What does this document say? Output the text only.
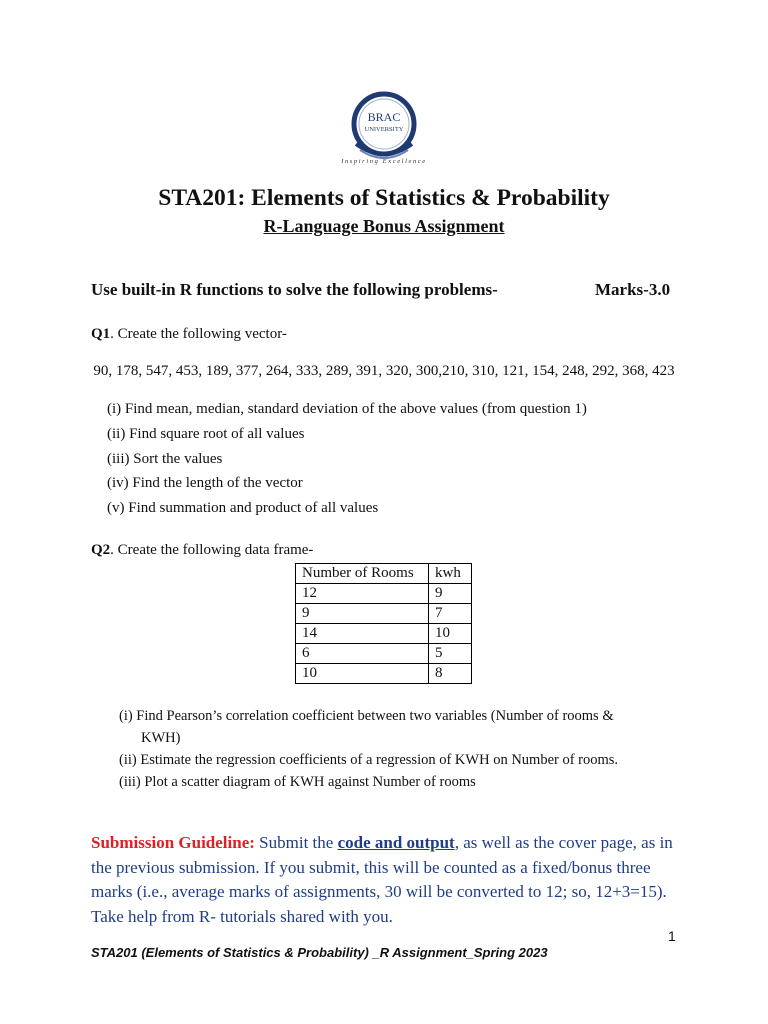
BRAC
UNIVERSITY
Inspiring Excellence
STA201: Elements of Statistics & Probability
R-Language Bonus Assignment
Use built-in R functions to solve the following problems-	Marks-3.0
Q1. Create the following vector-
90, 178, 547, 453, 189, 377, 264, 333, 289, 391, 320, 300,210, 310, 121, 154, 248, 292, 368, 423
(i) Find mean, median, standard deviation of the above values (from question 1)
(ii) Find square root of all values
(iii) Sort the values
(iv) Find the length of the vector
(v) Find summation and product of all values
Q2. Create the following data frame-
Number of Rooms	kwh
12	9
9	7
14	10
6	5
10	8
(i) Find Pearson’s correlation coefficient between two variables (Number of rooms &
KWH)
(ii) Estimate the regression coefficients of a regression of KWH on Number of rooms.
(iii) Plot a scatter diagram of KWH against Number of rooms
Submission Guideline: Submit the code and output, as well as the cover page, as in the previous submission. If you submit, this will be counted as a fixed/bonus three marks (i.e., average marks of assignments, 30 will be converted to 12; so, 12+3=15). Take help from R- tutorials shared with you.
1
STA201 (Elements of Statistics & Probability) _R Assignment_Spring 2023
